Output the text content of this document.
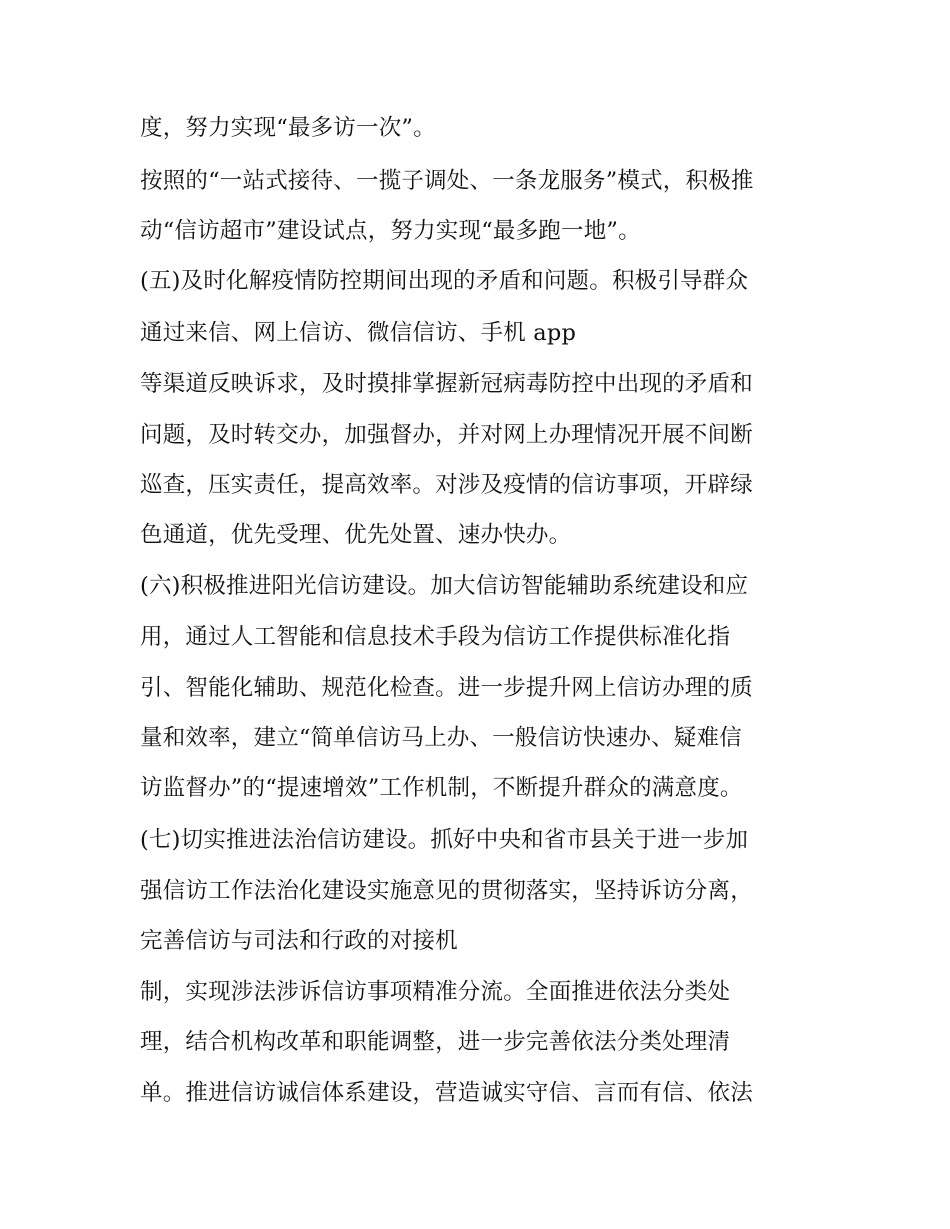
度，努力实现“最多访一次”。

按照的“一站式接待、一揽子调处、一条龙服务”模式，积极推

动“信访超市”建设试点，努力实现“最多跑一地”。

(五)及时化解疫情防控期间出现的矛盾和问题。积极引导群众

通过来信、网上信访、微信信访、手机 app

等渠道反映诉求，及时摸排掌握新冠病毒防控中出现的矛盾和

问题，及时转交办，加强督办，并对网上办理情况开展不间断

巡查，压实责任，提高效率。对涉及疫情的信访事项，开辟绿

色通道，优先受理、优先处置、速办快办。

(六)积极推进阳光信访建设。加大信访智能辅助系统建设和应

用，通过人工智能和信息技术手段为信访工作提供标准化指

引、智能化辅助、规范化检查。进一步提升网上信访办理的质

量和效率，建立“简单信访马上办、一般信访快速办、疑难信

访监督办”的“提速增效”工作机制，不断提升群众的满意度。

(七)切实推进法治信访建设。抓好中央和省市县关于进一步加

强信访工作法治化建设实施意见的贯彻落实，坚持诉访分离，

完善信访与司法和行政的对接机

制，实现涉法涉诉信访事项精准分流。全面推进依法分类处

理，结合机构改革和职能调整，进一步完善依法分类处理清

单。推进信访诚信体系建设，营造诚实守信、言而有信、依法
